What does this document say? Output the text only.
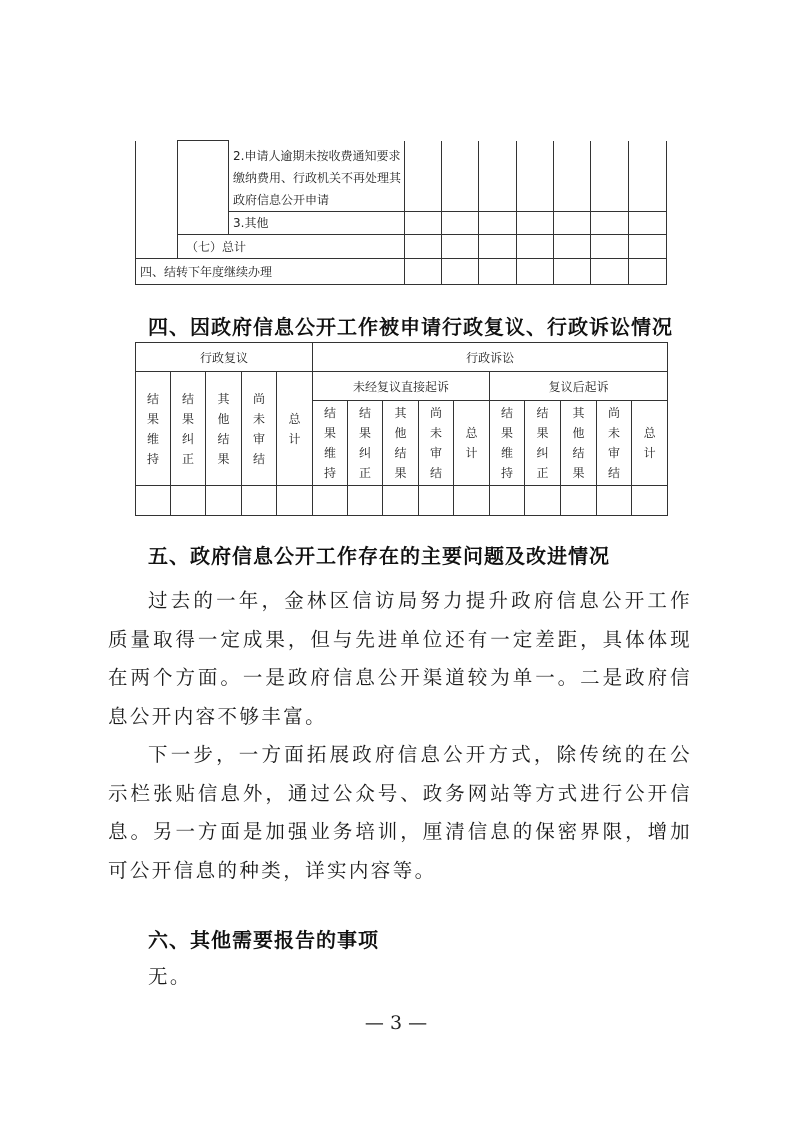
		2.申请人逾期未按收费通知要求缴纳费用、行政机关不再处理其政府信息公开申请							
		3.其他							
	（七）总计								
四、结转下年度继续办理									
四、因政府信息公开工作被申请行政复议、行政诉讼情况
行政复议					行政诉讼									
结果维持	结果纠正	其他结果	尚未审结	总计	未经复议直接起诉					复议后起诉				
					结果维持	结果纠正	其他结果	尚未审结	总计	结果维持	结果纠正	其他结果	尚未审结	总计

五、政府信息公开工作存在的主要问题及改进情况
过去的一年，金林区信访局努力提升政府信息公开工作质量取得一定成果，但与先进单位还有一定差距，具体体现在两个方面。一是政府信息公开渠道较为单一。二是政府信息公开内容不够丰富。
下一步，一方面拓展政府信息公开方式，除传统的在公示栏张贴信息外，通过公众号、政务网站等方式进行公开信息。另一方面是加强业务培训，厘清信息的保密界限，增加可公开信息的种类，详实内容等。
六、其他需要报告的事项
无。
— 3 —
